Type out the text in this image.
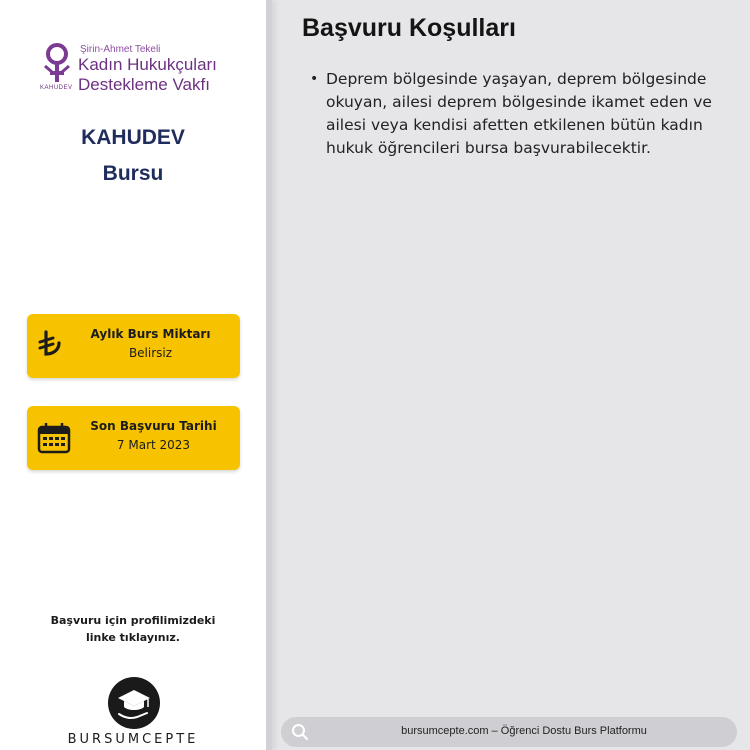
Şirin-Ahmet Tekeli
Kadın Hukukçuları
Destekleme Vakfı
KAHUDEV
KAHUDEV
Bursu
Aylık Burs Miktarı
Belirsiz
Son Başvuru Tarihi
7 Mart 2023
Başvuru için profilimizdeki
linke tıklayınız.
BURSUMCEPTE
Başvuru Koşulları
• Deprem bölgesinde yaşayan, deprem bölgesinde okuyan, ailesi deprem bölgesinde ikamet eden ve ailesi veya kendisi afetten etkilenen bütün kadın hukuk öğrencileri bursa başvurabilecektir.
bursumcepte.com – Öğrenci Dostu Burs Platformu
